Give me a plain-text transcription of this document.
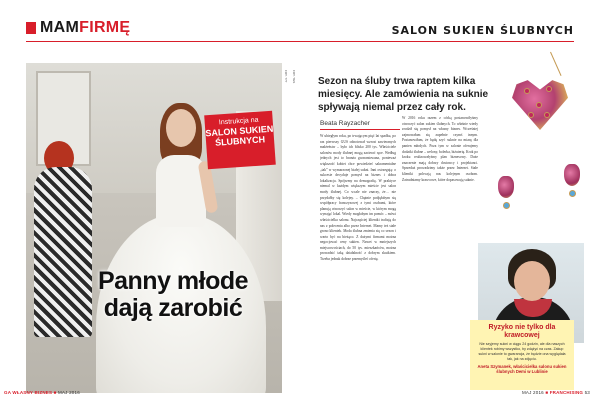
MAMFIRMĘ	SALON SUKIEN ŚLUBNYCH
Panny młode dają zarobić
Instrukcja na
SALON SUKIEN ŚLUBNYCH
FOT. ??? FOT. YES Sezon na śluby trwa raptem kilka miesięcy. Ale zamówienia na suknie spływają niemal przez cały rok.
Beata Rayzacher
W ubiegłym roku, po trwającym pięć lat spadku, po raz pierwszy GUS odnotował wzrost zawieranych małżeństw – było ich blisko 200 tys. Właściciele salonów mody ślubnej mogą zacierać ręce. Według jednych jest to branża gwarantowana, ponieważ większość kobiet chce powiedzieć sakramentalne „tak” w wymarzonej białej sukni. Inni ostrzegają: o sukcesie decyduje pomysł na biznes i dobra lokalizacja. Spójrzmy na demografię. W praktyce niemal w każdym większym mieście jest salon mody ślubnej. Co wcale nie znaczy, że… nie przydałby się kolejny. – Chętnie podjęłabym się współpracy franczyzowej z tymi osobami, które planują otworzyć salon w mieście, w którym mogą wynająć lokal. Wtedy mogłabym im pomóc – mówi właścicielka salonu. Najczęściej klientki trafiają do nas z polecenia albo przez Internet. Mamy też stałe grono klientek. Moda ślubna zmienia się co sezon i warto być na bieżąco. Z dużymi firmami można negocjować ceny sukien. Nawet w mniejszych miejscowościach, do 50 tys. mieszkańców, można prowadzić taką działalność z dobrym skutkiem. Trzeba jednak dobrze przemyśleć ofertę.
W 2016 roku razem z córką postanowiłyśmy otworzyć salon sukien ślubnych. To właśnie wtedy zrodził się pomysł na własny biznes. Wcześniej zajmowałam się zupełnie czymś innym. Postanowiłam, że będę szyć suknie na miarę dla panien młodych. Poza tym w salonie oferujemy dodatki ślubne – welony, bolerka, biżuterię. Krok po kroku realizowałyśmy plan biznesowy. Duże znaczenie mają dobrzy dostawcy i projektanci. Sprzedaż prowadzimy także przez Internet. Stałe klientki polecają nas kolejnym osobom. Zatrudniamy krawcowe, które dopasowują suknie.
Ryzyko nie tylko dla krawcowej
Nie szyjemy sukni w ciągu 24 godzin, ale dla naszych klientek robimy wszystko, by zdążyć na czas. Zakup sukni w salonie to gwarancja, że będzie ona wyglądała tak, jak na zdjęciu.
Aneta Szymanek, właścicielka salonu sukien ślubnych Demi w Lublinie
GA WŁASNY BIZNES ■ MAJ 2016	MAJ 2016 ■ FRANCHISING 53
